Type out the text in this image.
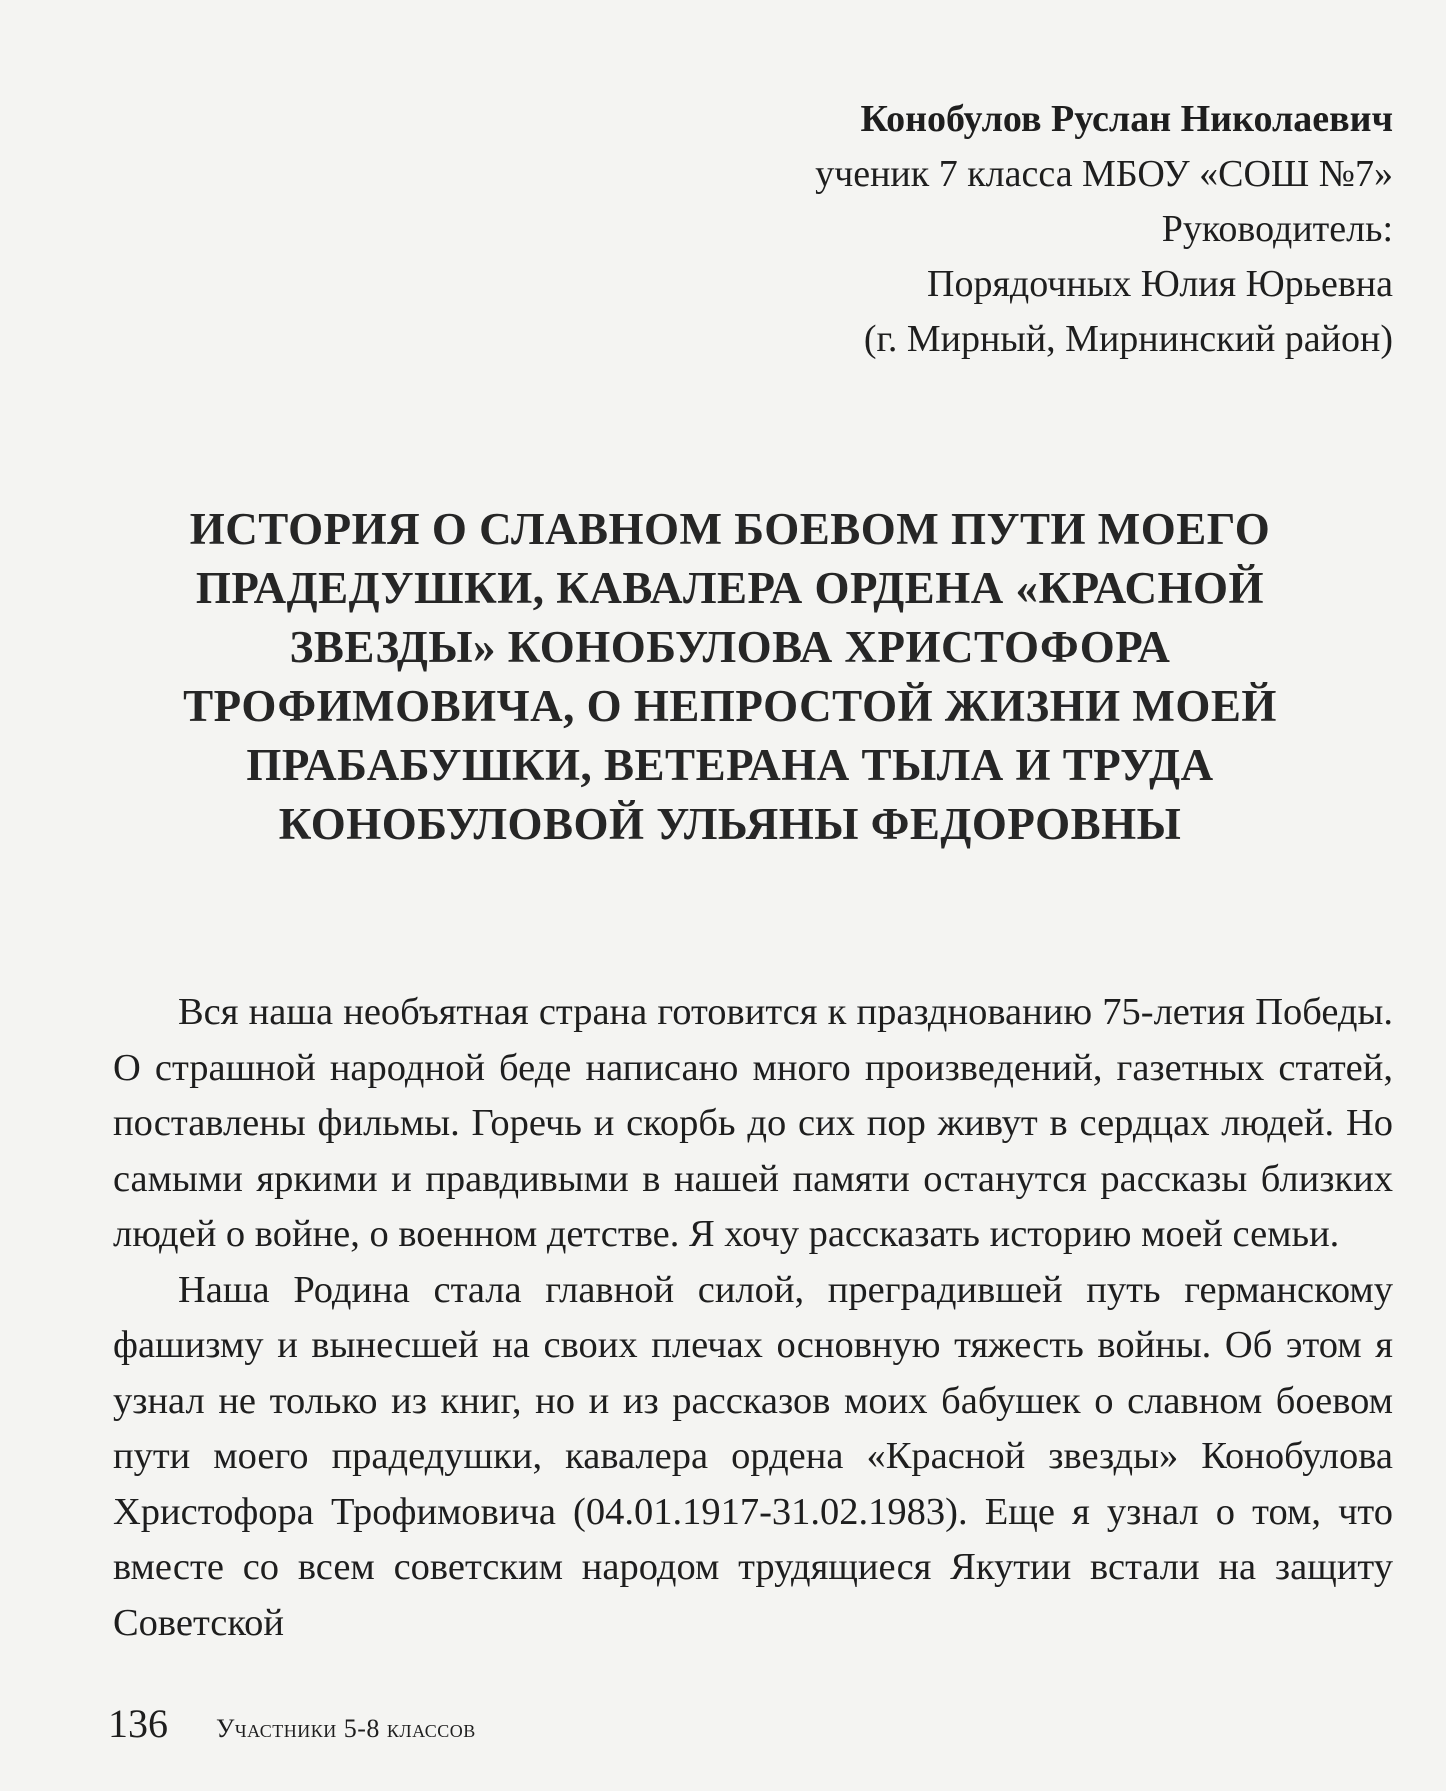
Конобулов Руслан Николаевич
ученик 7 класса МБОУ «СОШ №7»
Руководитель:
Порядочных Юлия Юрьевна
(г. Мирный, Мирнинский район)
ИСТОРИЯ О СЛАВНОМ БОЕВОМ ПУТИ МОЕГО
ПРАДЕДУШКИ, КАВАЛЕРА ОРДЕНА «КРАСНОЙ
ЗВЕЗДЫ» КОНОБУЛОВА ХРИСТОФОРА
ТРОФИМОВИЧА, О НЕПРОСТОЙ ЖИЗНИ МОЕЙ
ПРАБАБУШКИ, ВЕТЕРАНА ТЫЛА И ТРУДА
КОНОБУЛОВОЙ УЛЬЯНЫ ФЕДОРОВНЫ

Вся наша необъятная страна готовится к празднованию 75-летия Победы. О страшной народной беде написано много произведений, газетных статей, поставлены фильмы. Горечь и скорбь до сих пор живут в сердцах людей. Но самыми яркими и правдивыми в нашей памяти останутся рассказы близких людей о войне, о военном детстве. Я хочу рассказать историю моей семьи.

Наша Родина стала главной силой, преградившей путь германскому фашизму и вынесшей на своих плечах основную тяжесть войны. Об этом я узнал не только из книг, но и из рассказов моих бабушек о славном боевом пути моего прадедушки, кавалера ордена «Красной звезды» Конобулова Христофора Трофимовича (04.01.1917-31.02.1983). Еще я узнал о том, что вместе со всем советским народом трудящиеся Якутии встали на защиту Советской

136 Участники 5-8 классов
